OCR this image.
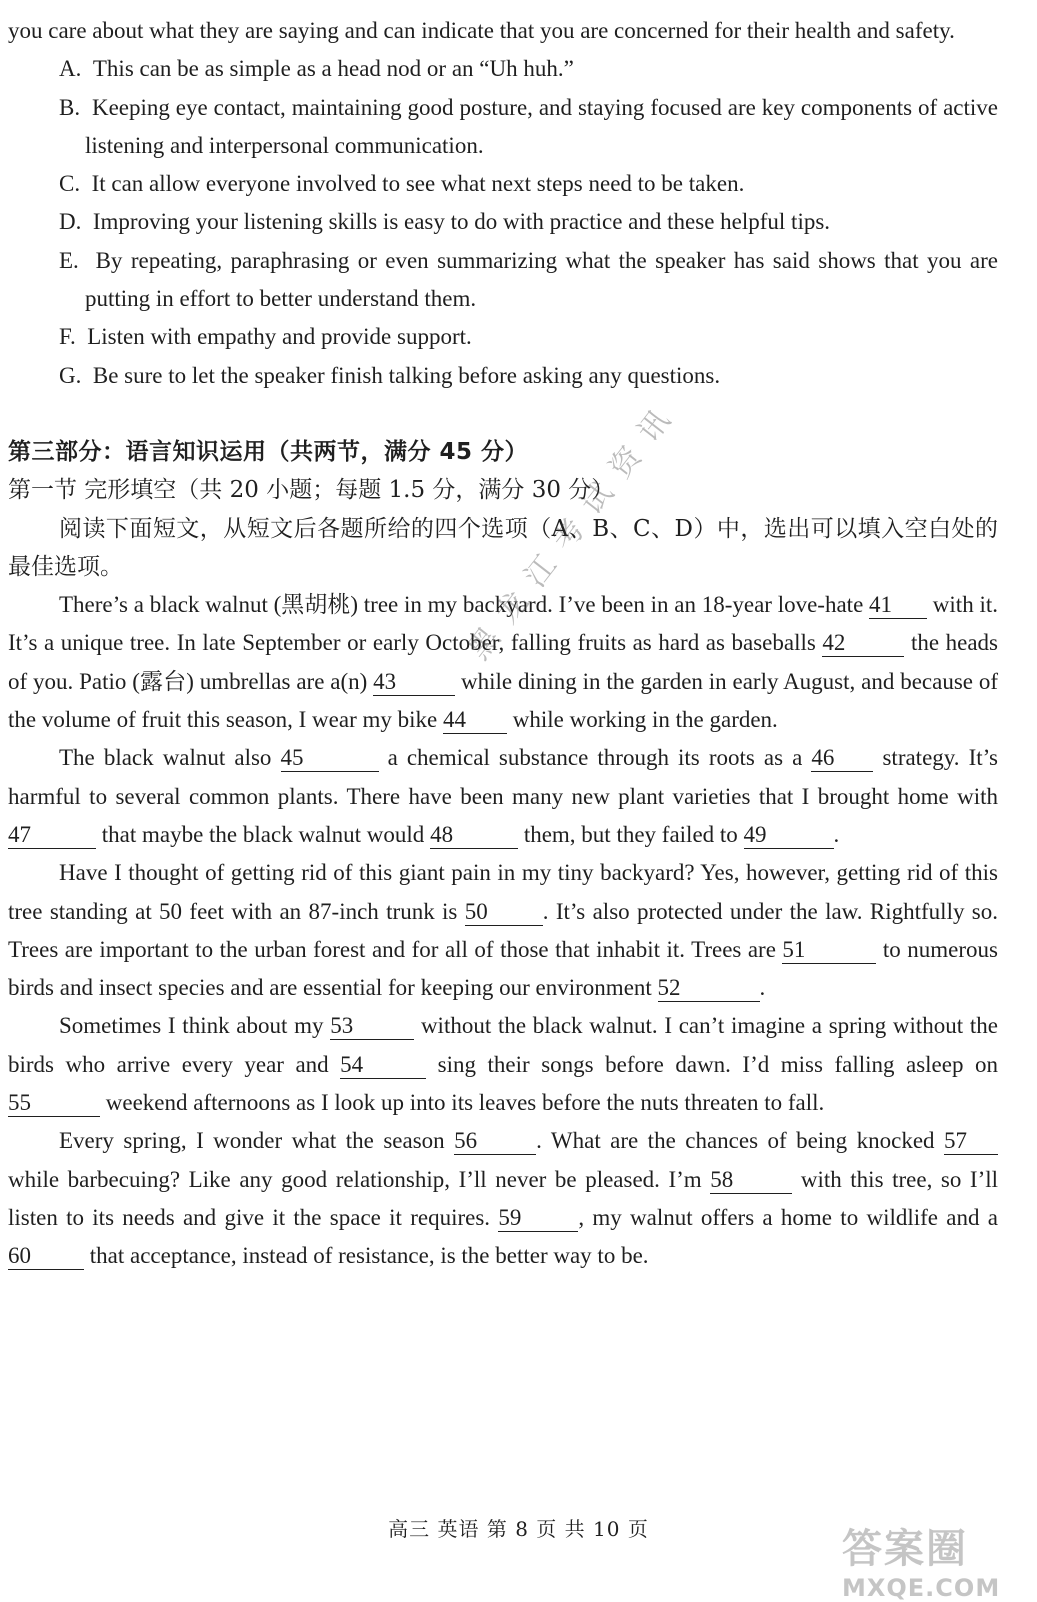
you care about what they are saying and can indicate that you are concerned for their health and safety.

A. This can be as simple as a head nod or an “Uh huh.”

B. Keeping eye contact, maintaining good posture, and staying focused are key components of active listening and interpersonal communication.

C. It can allow everyone involved to see what next steps need to be taken.

D. Improving your listening skills is easy to do with practice and these helpful tips.

E. By repeating, paraphrasing or even summarizing what the speaker has said shows that you are putting in effort to better understand them.

F. Listen with empathy and provide support.

G. Be sure to let the speaker finish talking before asking any questions.

第三部分：语言知识运用（共两节，满分 45 分）

第一节 完形填空（共 20 小题；每题 1.5 分，满分 30 分）

阅读下面短文，从短文后各题所给的四个选项（A、B、C、D）中，选出可以填入空白处的最佳选项。

There’s a black walnut (黑胡桃) tree in my backyard. I’ve been in an 18-year love-hate 41 with it. It’s a unique tree. In late September or early October, falling fruits as hard as baseballs 42	the heads of you. Patio (露台) umbrellas are a(n) 43	while dining in the garden in early August, and because of the volume of fruit this season, I wear my bike 44 while working in the garden.

The black walnut also 45	a chemical substance through its roots as a 46 strategy. It’s harmful to several common plants. There have been many new plant varieties that I brought home with 47	that maybe the black walnut would 48	them, but they failed to 49	.

Have I thought of getting rid of this giant pain in my tiny backyard? Yes, however, getting rid of this tree standing at 50 feet with an 87-inch trunk is 50 . It’s also protected under the law. Rightfully so. Trees are important to the urban forest and for all of those that inhabit it. Trees are 51	to numerous birds and insect species and are essential for keeping our environment 52	.

Sometimes I think about my 53	without the black walnut. I can’t imagine a spring without the birds who arrive every year and 54	sing their songs before dawn. I’d miss falling asleep on 55	weekend afternoons as I look up into its leaves before the nuts threaten to fall.

Every spring, I wonder what the season 56	. What are the chances of being knocked 57 while barbecuing? Like any good relationship, I’ll never be pleased. I’m 58	with this tree, so I’ll listen to its needs and give it the space it requires. 59 , my walnut offers a home to wildlife and a 60 that acceptance, instead of resistance, is the better way to be.

黑龙江考试资讯
高三 英语 第 8 页 共 10 页	答案圈
MXQE.COM
